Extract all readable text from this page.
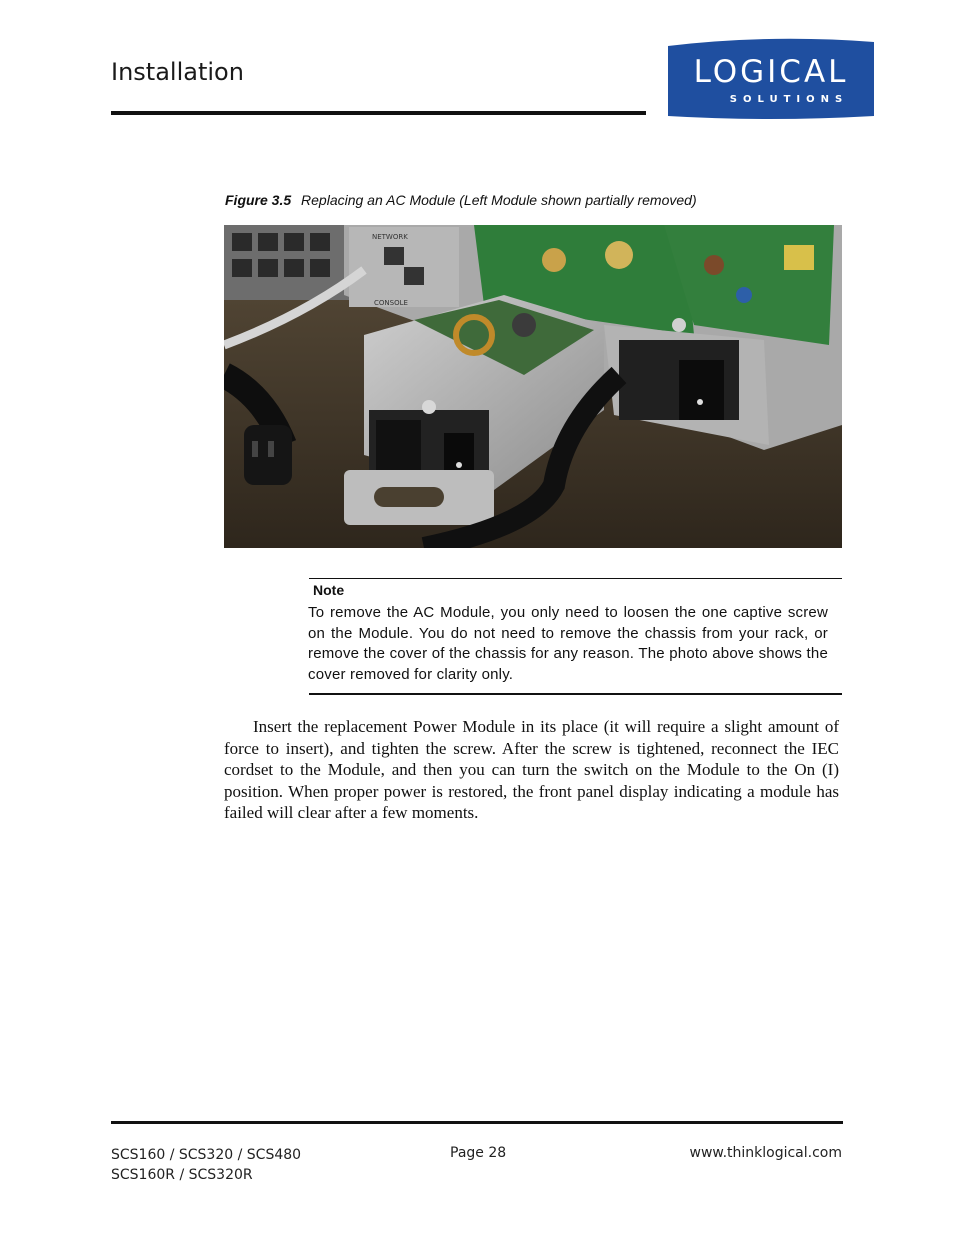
Installation	LOGICAL
SOLUTIONS
Figure 3.5 Replacing an AC Module (Left Module shown partially removed)
NETWORK
CONSOLE
Note
To remove the AC Module, you only need to loosen the one captive screw on the Module. You do not need to remove the chassis from your rack, or remove the cover of the chassis for any reason. The photo above shows the cover removed for clarity only.
Insert the replacement Power Module in its place (it will require a slight amount of force to insert), and tighten the screw. After the screw is tightened, reconnect the IEC cordset to the Module, and then you can turn the switch on the Module to the On (I) position. When proper power is restored, the front panel display indicating a module has failed will clear after a few moments.
SCS160 / SCS320 / SCS480
SCS160R / SCS320R
Page 28	www.thinklogical.com
